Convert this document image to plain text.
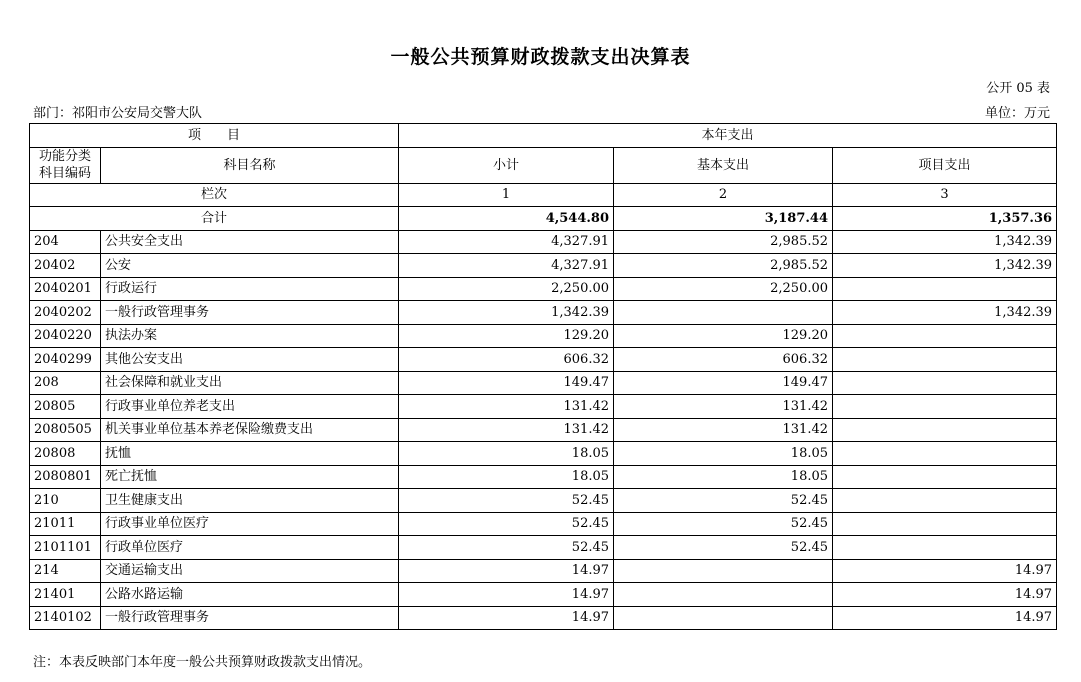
一般公共预算财政拨款支出决算表
公开 05 表
部门：祁阳市公安局交警大队	单位：万元
项　　目		本年支出		
功能分类
科目编码	科目名称	小计	基本支出	项目支出
栏次		1	2	3
合计		4,544.80	3,187.44	1,357.36
204	公共安全支出	4,327.91	2,985.52	1,342.39
20402	公安	4,327.91	2,985.52	1,342.39
2040201	行政运行	2,250.00	2,250.00	
2040202	一般行政管理事务	1,342.39		1,342.39
2040220	执法办案	129.20	129.20	
2040299	其他公安支出	606.32	606.32	
208	社会保障和就业支出	149.47	149.47	
20805	行政事业单位养老支出	131.42	131.42	
2080505	机关事业单位基本养老保险缴费支出	131.42	131.42	
20808	抚恤	18.05	18.05	
2080801	死亡抚恤	18.05	18.05	
210	卫生健康支出	52.45	52.45	
21011	行政事业单位医疗	52.45	52.45	
2101101	行政单位医疗	52.45	52.45	
214	交通运输支出	14.97		14.97
21401	公路水路运输	14.97		14.97
2140102	一般行政管理事务	14.97		14.97
注：本表反映部门本年度一般公共预算财政拨款支出情况。
